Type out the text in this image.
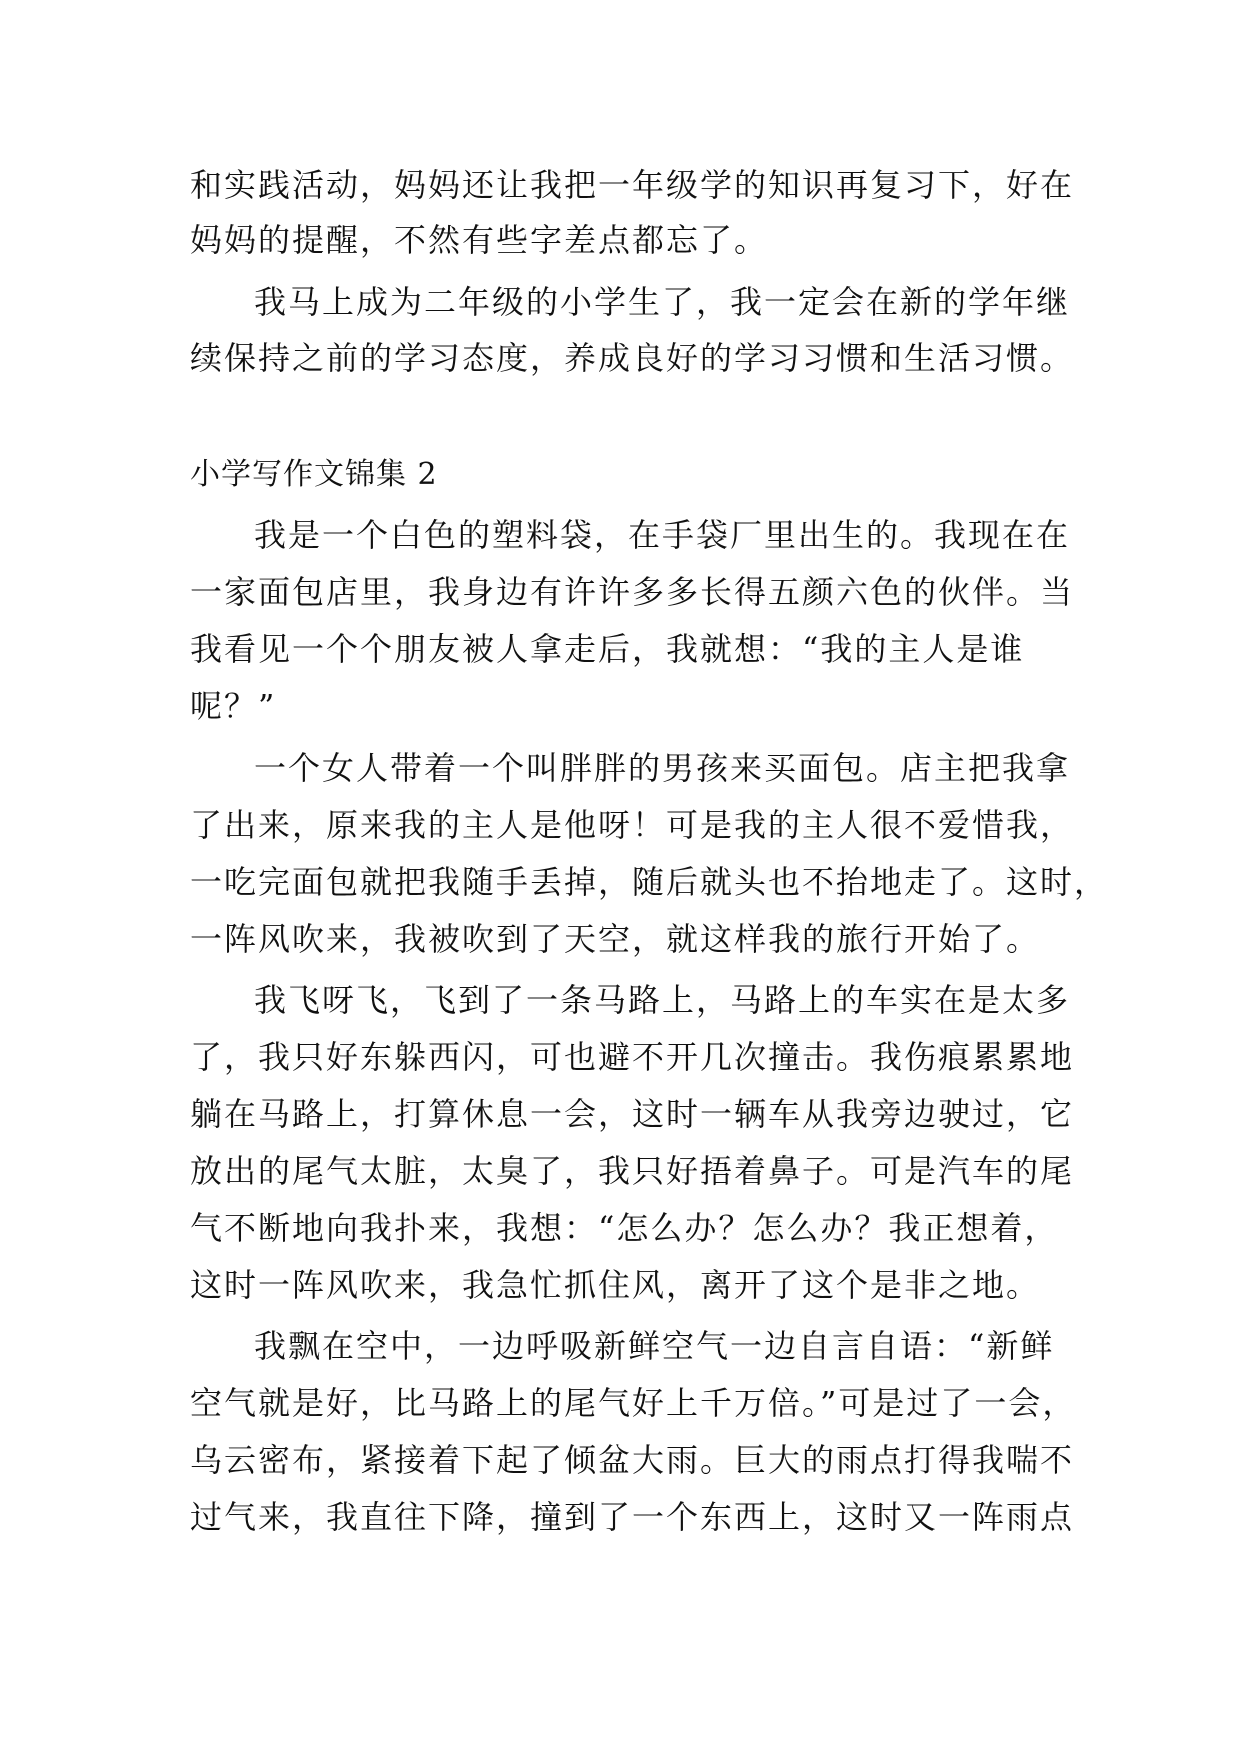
和实践活动，妈妈还让我把一年级学的知识再复习下，好在
妈妈的提醒，不然有些字差点都忘了。
我马上成为二年级的小学生了，我一定会在新的学年继
续保持之前的学习态度，养成良好的学习习惯和生活习惯。
小学写作文锦集 2
我是一个白色的塑料袋，在手袋厂里出生的。我现在在
一家面包店里，我身边有许许多多长得五颜六色的伙伴。当
我看见一个个朋友被人拿走后，我就想：“我的主人是谁
呢？”
一个女人带着一个叫胖胖的男孩来买面包。店主把我拿
了出来，原来我的主人是他呀！可是我的主人很不爱惜我，
一吃完面包就把我随手丢掉，随后就头也不抬地走了。这时，
一阵风吹来，我被吹到了天空，就这样我的旅行开始了。
我飞呀飞，飞到了一条马路上，马路上的车实在是太多
了，我只好东躲西闪，可也避不开几次撞击。我伤痕累累地
躺在马路上，打算休息一会，这时一辆车从我旁边驶过，它
放出的尾气太脏，太臭了，我只好捂着鼻子。可是汽车的尾
气不断地向我扑来，我想：“怎么办？怎么办？我正想着，
这时一阵风吹来，我急忙抓住风，离开了这个是非之地。
我飘在空中，一边呼吸新鲜空气一边自言自语：“新鲜
空气就是好，比马路上的尾气好上千万倍。”可是过了一会，
乌云密布，紧接着下起了倾盆大雨。巨大的雨点打得我喘不
过气来，我直往下降，撞到了一个东西上，这时又一阵雨点
